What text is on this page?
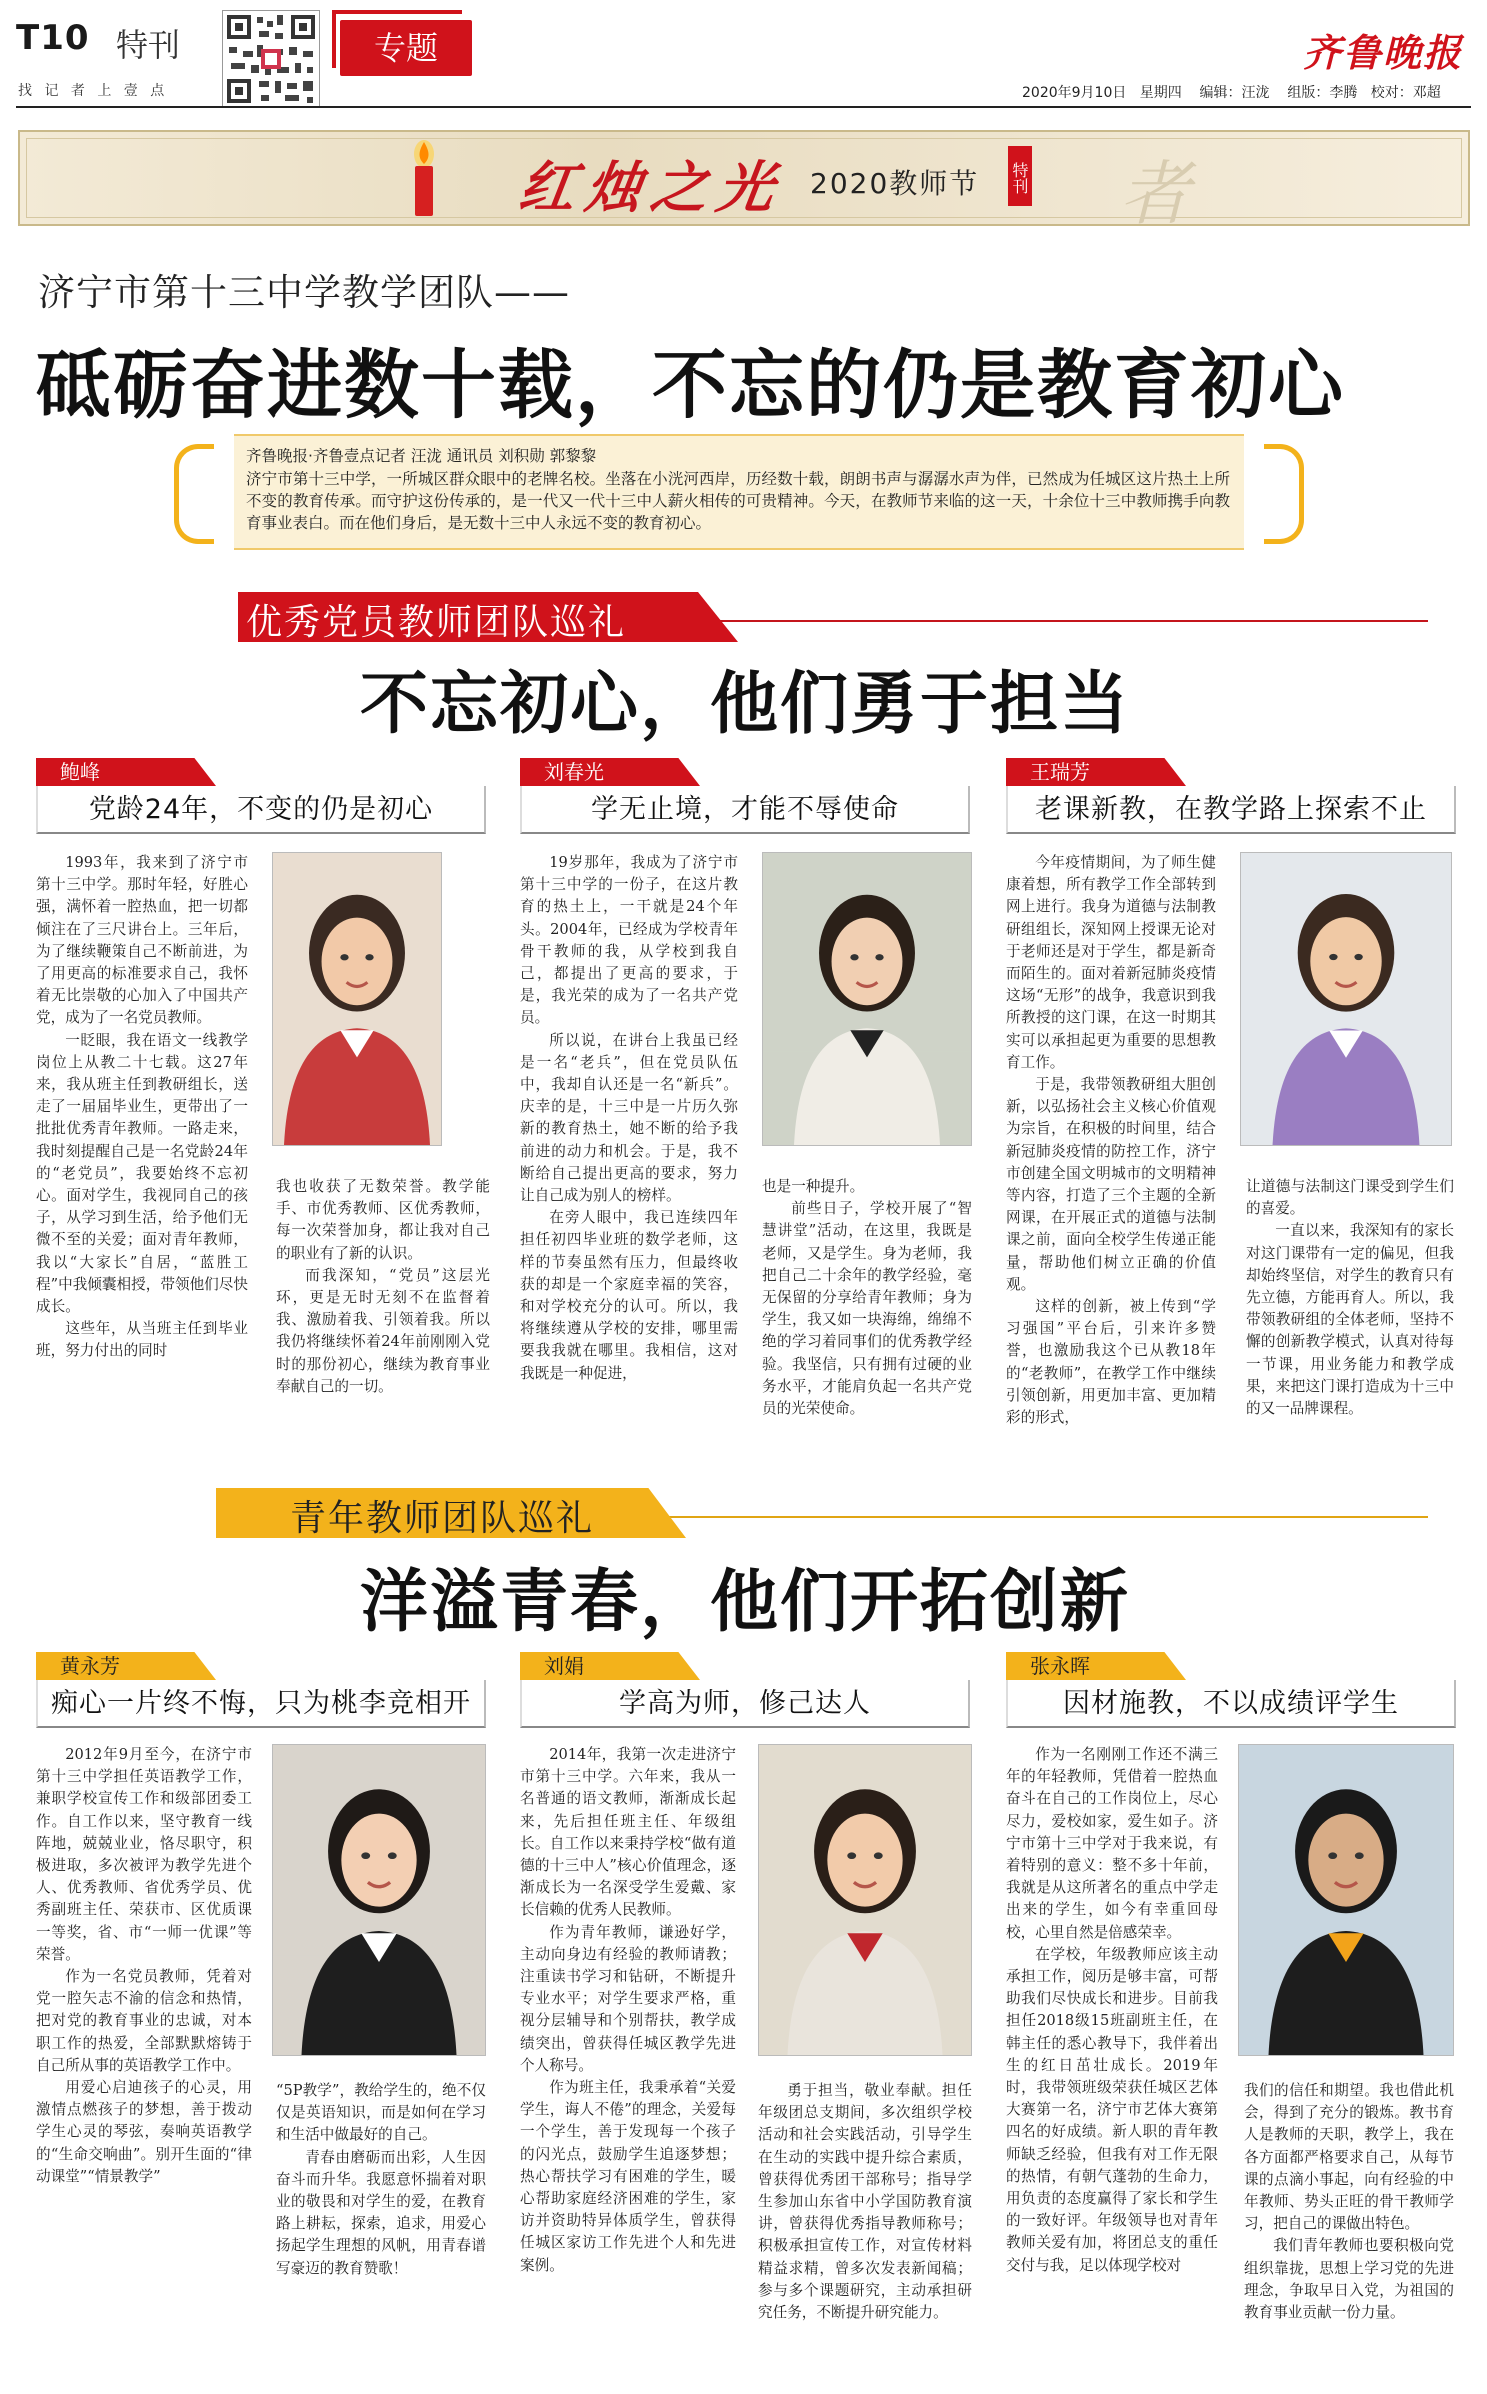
T10 特刊
找 记 者 上 壹 点
专题	齐鲁晚报
2020年9月10日 星期四 编辑：汪泷 组版：李腾 校对：邓超
红烛之光 2020教师节 特刊 者
济宁市第十三中学教学团队——
砥砺奋进数十载，不忘的仍是教育初心
齐鲁晚报·齐鲁壹点记者 汪泷 通讯员 刘积勋 郭黎黎
济宁市第十三中学，一所城区群众眼中的老牌名校。坐落在小洸河西岸，历经数十载，朗朗书声与潺潺水声为伴，已然成为任城区这片热土上所不变的教育传承。而守护这份传承的，是一代又一代十三中人薪火相传的可贵精神。今天，在教师节来临的这一天，十余位十三中教师携手向教育事业表白。而在他们身后，是无数十三中人永远不变的教育初心。
优秀党员教师团队巡礼
不忘初心，他们勇于担当
青年教师团队巡礼
洋溢青春，他们开拓创新
鲍峰
党龄24年，不变的仍是初心

1993年，我来到了济宁市第十三中学。那时年轻，好胜心强，满怀着一腔热血，把一切都倾注在了三尺讲台上。三年后，为了继续鞭策自己不断前进，为了用更高的标准要求自己，我怀着无比崇敬的心加入了中国共产党，成为了一名党员教师。

一眨眼，我在语文一线教学岗位上从教二十七载。这27年来，我从班主任到教研组长，送走了一届届毕业生，更带出了一批批优秀青年教师。一路走来，我时刻提醒自己是一名党龄24年的“老党员”，我要始终不忘初心。面对学生，我视同自己的孩子，从学习到生活，给予他们无微不至的关爱；面对青年教师，我以“大家长”自居，“蓝胜工程”中我倾囊相授，带领他们尽快成长。

这些年，从当班主任到毕业班，努力付出的同时

我也收获了无数荣誉。教学能手、市优秀教师、区优秀教师，每一次荣誉加身，都让我对自己的职业有了新的认识。

而我深知，“党员”这层光环，更是无时无刻不在监督着我、激励着我、引领着我。所以我仍将继续怀着24年前刚刚入党时的那份初心，继续为教育事业奉献自己的一切。

刘春光
学无止境，才能不辱使命

19岁那年，我成为了济宁市第十三中学的一份子，在这片教育的热土上，一干就是24个年头。2004年，已经成为学校青年骨干教师的我，从学校到我自己，都提出了更高的要求，于是，我光荣的成为了一名共产党员。

所以说，在讲台上我虽已经是一名“老兵”，但在党员队伍中，我却自认还是一名“新兵”。庆幸的是，十三中是一片历久弥新的教育热土，她不断的给予我前进的动力和机会。于是，我不断给自己提出更高的要求，努力让自己成为别人的榜样。

在旁人眼中，我已连续四年担任初四毕业班的数学老师，这样的节奏虽然有压力，但最终收获的却是一个家庭幸福的笑容，和对学校充分的认可。所以，我将继续遵从学校的安排，哪里需要我我就在哪里。我相信，这对我既是一种促进，

也是一种提升。

前些日子，学校开展了“智慧讲堂”活动，在这里，我既是老师，又是学生。身为老师，我把自己二十余年的教学经验，毫无保留的分享给青年教师；身为学生，我又如一块海绵，绵绵不绝的学习着同事们的优秀教学经验。我坚信，只有拥有过硬的业务水平，才能肩负起一名共产党员的光荣使命。

王瑞芳
老课新教，在教学路上探索不止

今年疫情期间，为了师生健康着想，所有教学工作全部转到网上进行。我身为道德与法制教研组组长，深知网上授课无论对于老师还是对于学生，都是新奇而陌生的。面对着新冠肺炎疫情这场“无形”的战争，我意识到我所教授的这门课，在这一时期其实可以承担起更为重要的思想教育工作。

于是，我带领教研组大胆创新，以弘扬社会主义核心价值观为宗旨，在积极的时间里，结合新冠肺炎疫情的防控工作，济宁市创建全国文明城市的文明精神等内容，打造了三个主题的全新网课，在开展正式的道德与法制课之前，面向全校学生传递正能量，帮助他们树立正确的价值观。

这样的创新，被上传到“学习强国”平台后，引来许多赞誉，也激励我这个已从教18年的“老教师”，在教学工作中继续引领创新，用更加丰富、更加精彩的形式，

让道德与法制这门课受到学生们的喜爱。

一直以来，我深知有的家长对这门课带有一定的偏见，但我却始终坚信，对学生的教育只有先立德，方能再育人。所以，我带领教研组的全体老师，坚持不懈的创新教学模式，认真对待每一节课，用业务能力和教学成果，来把这门课打造成为十三中的又一品牌课程。

黄永芳
痴心一片终不悔，只为桃李竞相开

2012年9月至今，在济宁市第十三中学担任英语教学工作，兼职学校宣传工作和级部团委工作。自工作以来，坚守教育一线阵地，兢兢业业，恪尽职守，积极进取，多次被评为教学先进个人、优秀教师、省优秀学员、优秀副班主任、荣获市、区优质课一等奖，省、市“一师一优课”等荣誉。

作为一名党员教师，凭着对党一腔矢志不渝的信念和热情，把对党的教育事业的忠诚，对本职工作的热爱，全部默默熔铸于自己所从事的英语教学工作中。

用爱心启迪孩子的心灵，用激情点燃孩子的梦想，善于拨动学生心灵的琴弦，奏响英语教学的“生命交响曲”。别开生面的“律动课堂”“情景教学”

“5P教学”，教给学生的，绝不仅仅是英语知识，而是如何在学习和生活中做最好的自己。

青春由磨砺而出彩，人生因奋斗而升华。我愿意怀揣着对职业的敬畏和对学生的爱，在教育路上耕耘，探索，追求，用爱心扬起学生理想的风帆，用青春谱写豪迈的教育赞歌！

刘娟
学高为师，修己达人

2014年，我第一次走进济宁市第十三中学。六年来，我从一名普通的语文教师，渐渐成长起来，先后担任班主任、年级组长。自工作以来秉持学校“做有道德的十三中人”核心价值理念，逐渐成长为一名深受学生爱戴、家长信赖的优秀人民教师。

作为青年教师，谦逊好学，主动向身边有经验的教师请教；注重读书学习和钻研，不断提升专业水平；对学生要求严格，重视分层辅导和个别帮扶，教学成绩突出，曾获得任城区教学先进个人称号。

作为班主任，我秉承着“关爱学生，诲人不倦”的理念，关爱每一个学生，善于发现每一个孩子的闪光点，鼓励学生追逐梦想；热心帮扶学习有困难的学生，暖心帮助家庭经济困难的学生，家访并资助特异体质学生，曾获得任城区家访工作先进个人和先进案例。

勇于担当，敬业奉献。担任年级团总支期间，多次组织学校活动和社会实践活动，引导学生在生动的实践中提升综合素质，曾获得优秀团干部称号；指导学生参加山东省中小学国防教育演讲，曾获得优秀指导教师称号；积极承担宣传工作，对宣传材料精益求精，曾多次发表新闻稿；参与多个课题研究，主动承担研究任务，不断提升研究能力。

张永晖
因材施教，不以成绩评学生

作为一名刚刚工作还不满三年的年轻教师，凭借着一腔热血奋斗在自己的工作岗位上，尽心尽力，爱校如家，爱生如子。济宁市第十三中学对于我来说，有着特别的意义：整不多十年前，我就是从这所著名的重点中学走出来的学生，如今有幸重回母校，心里自然是倍感荣幸。

在学校，年级教师应该主动承担工作，阅历是够丰富，可帮助我们尽快成长和进步。目前我担任2018级15班副班主任，在韩主任的悉心教导下，我伴着出生的红日茁壮成长。2019年时，我带领班级荣获任城区艺体大赛第一名，济宁市艺体大赛第四名的好成绩。新人职的青年教师缺乏经验，但我有对工作无限的热情，有朝气蓬勃的生命力，用负责的态度赢得了家长和学生的一致好评。年级领导也对青年教师关爱有加，将团总支的重任交付与我，足以体现学校对

我们的信任和期望。我也借此机会，得到了充分的锻炼。教书育人是教师的天职，教学上，我在各方面都严格要求自己，从每节课的点滴小事起，向有经验的中年教师、势头正旺的骨干教师学习，把自己的课做出特色。

我们青年教师也要积极向党组织靠拢，思想上学习党的先进理念，争取早日入党，为祖国的教育事业贡献一份力量。
